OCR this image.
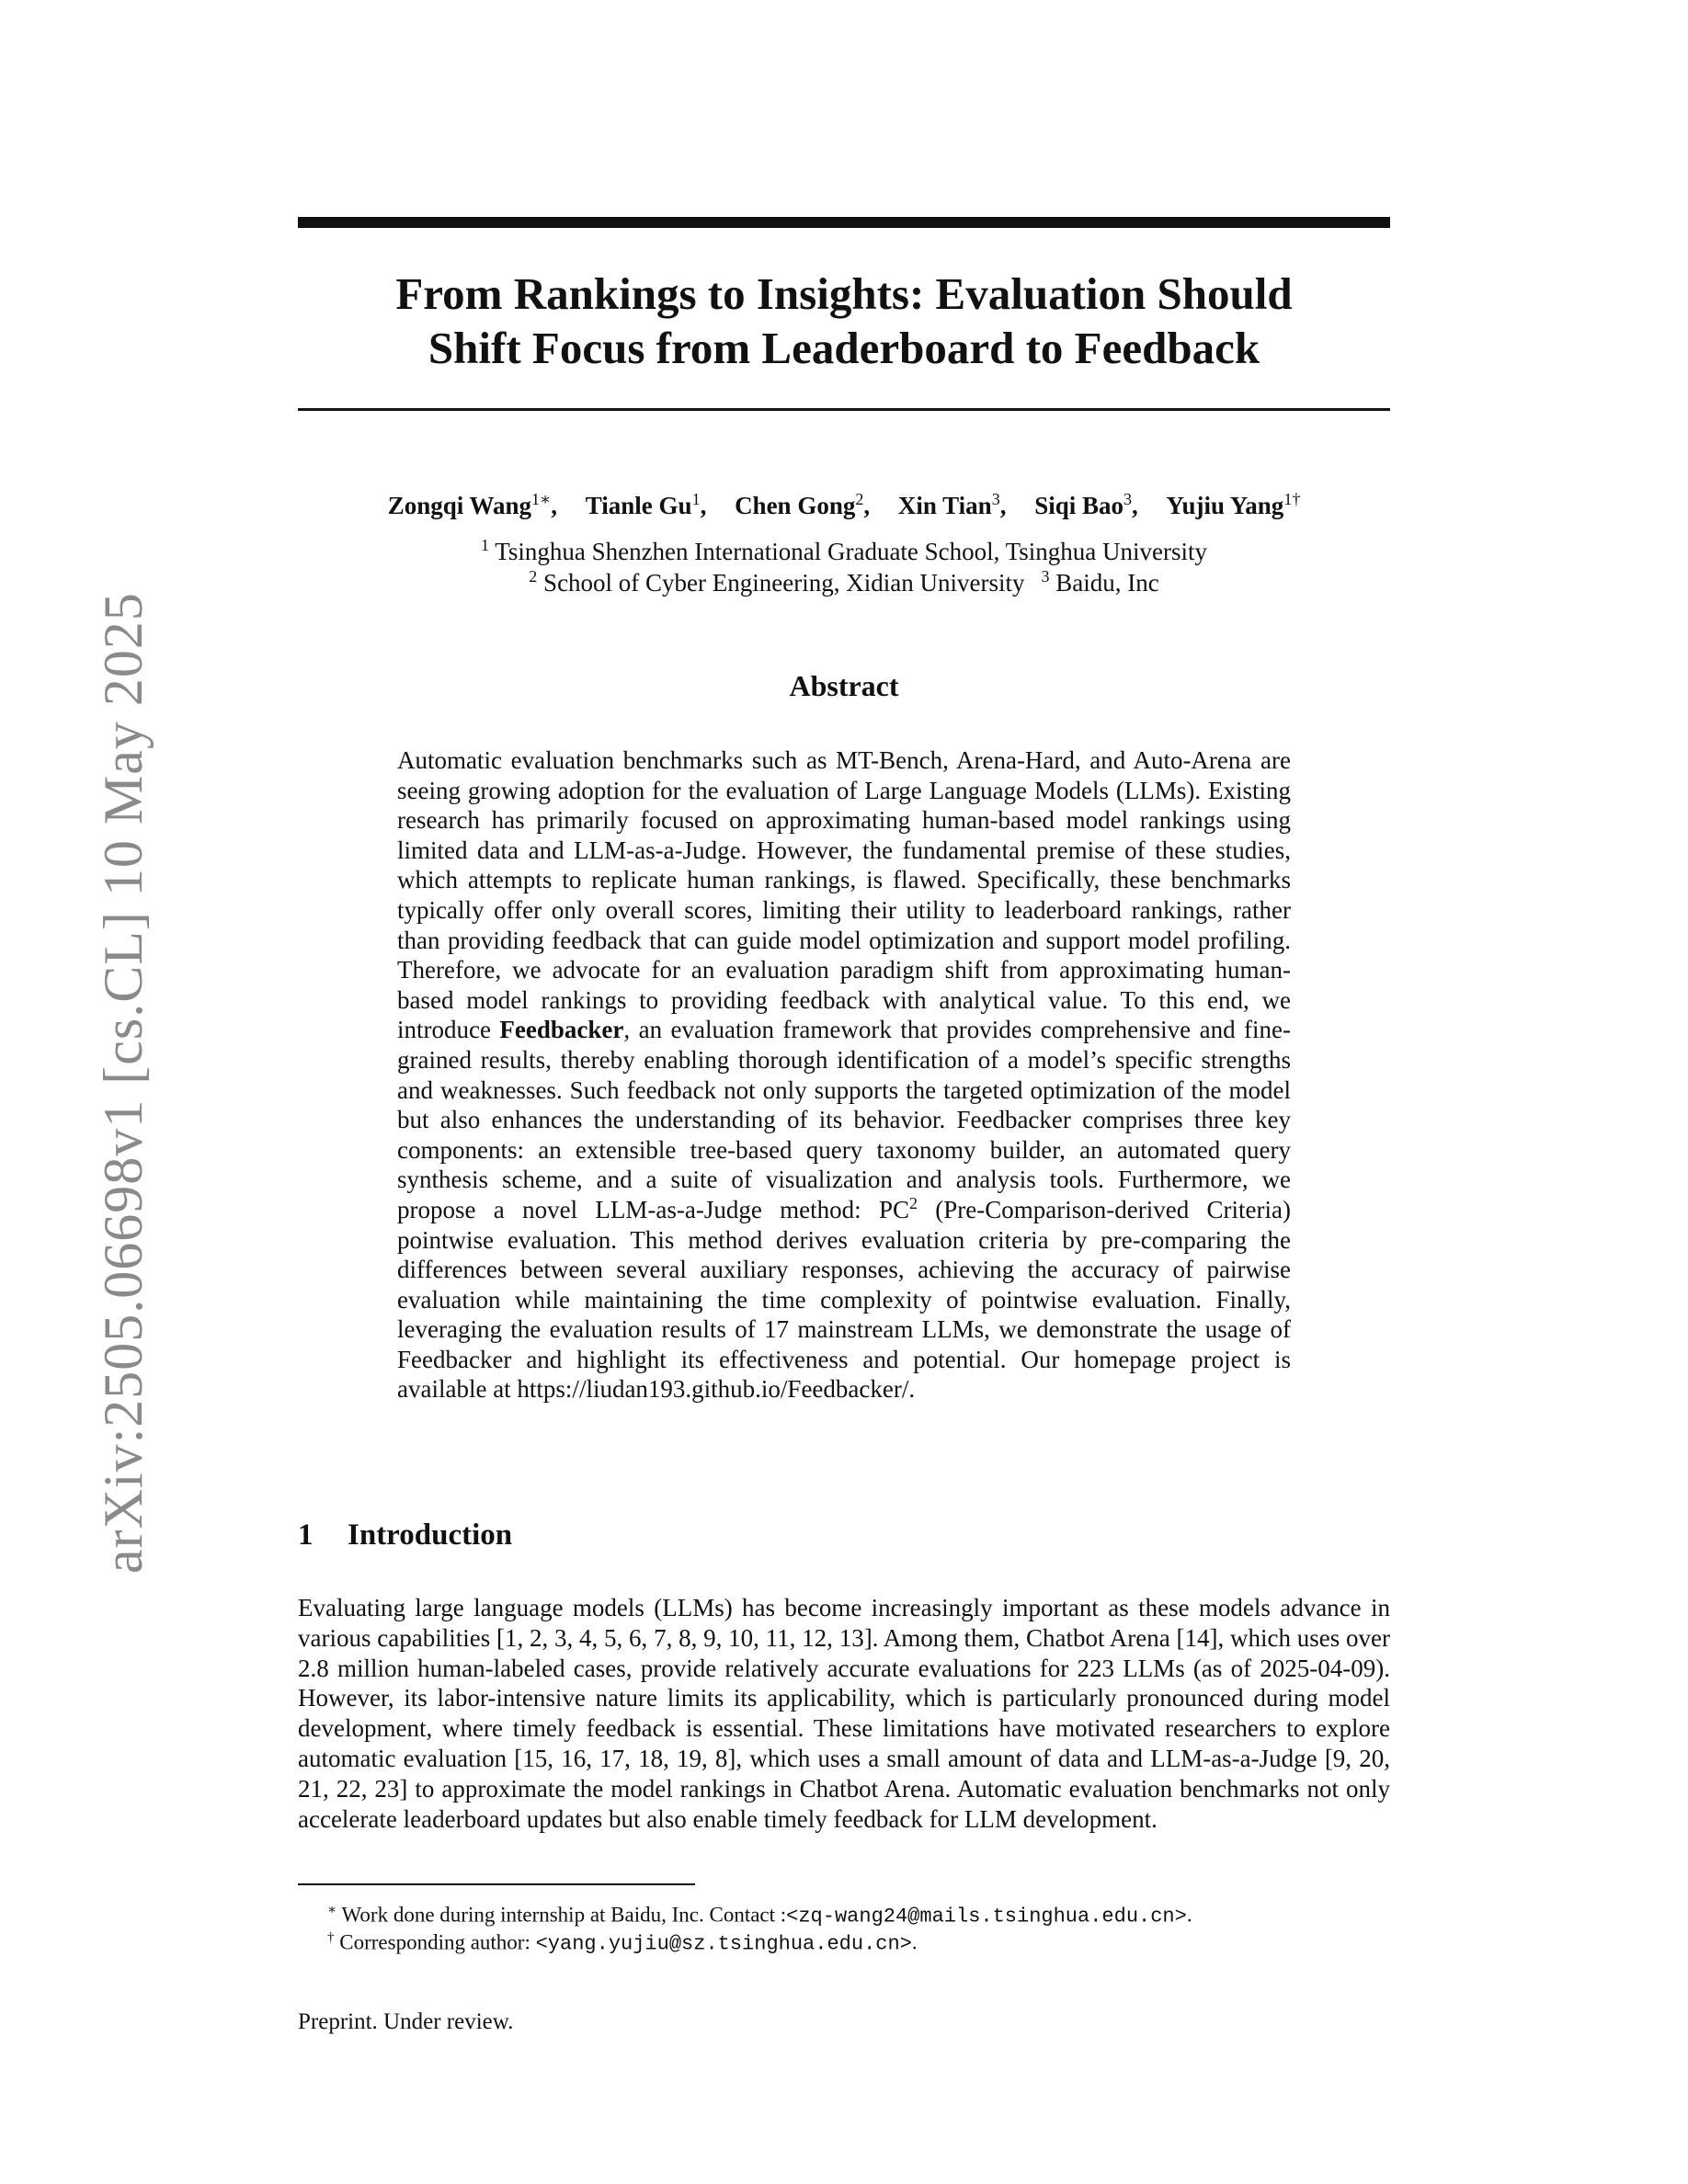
arXiv:2505.06698v1 [cs.CL] 10 May 2025
From Rankings to Insights: Evaluation Should
Shift Focus from Leaderboard to Feedback
Zongqi Wang$^{1∗}$, Tianle Gu$^1$, Chen Gong$^2$, Xin Tian$^3$, Siqi Bao$^3$, Yujiu Yang$^{1\dagger}$
$^1$ Tsinghua Shenzhen International Graduate School, Tsinghua University
$^2$ School of Cyber Engineering, Xidian University $^3$ Baidu, Inc
Abstract

Automatic evaluation benchmarks such as MT-Bench, Arena-Hard, and Auto-Arena are seeing growing adoption for the evaluation of Large Language Models (LLMs). Existing research has primarily focused on approximating human-based model rankings using limited data and LLM-as-a-Judge. However, the fundamental premise of these studies, which attempts to replicate human rankings, is flawed. Specifically, these benchmarks typically offer only overall scores, limiting their utility to leaderboard rankings, rather than providing feedback that can guide model optimization and support model profiling. Therefore, we advocate for an evaluation paradigm shift from approximating human-based model rankings to providing feedback with analytical value. To this end, we introduce Feedbacker, an evaluation framework that provides comprehensive and fine-grained results, thereby enabling thorough identification of a model’s specific strengths and weaknesses. Such feedback not only supports the targeted optimization of the model but also enhances the understanding of its behavior. Feedbacker comprises three key components: an extensible tree-based query taxonomy builder, an automated query synthesis scheme, and a suite of visualization and analysis tools. Furthermore, we propose a novel LLM-as-a-Judge method: $PC^2$ (Pre-Comparison-derived Criteria) pointwise evaluation. This method derives evaluation criteria by pre-comparing the differences between several auxiliary responses, achieving the accuracy of pairwise evaluation while maintaining the time complexity of pointwise evaluation. Finally, leveraging the evaluation results of 17 mainstream LLMs, we demonstrate the usage of Feedbacker and highlight its effectiveness and potential. Our homepage project is available at https://liudan193.github.io/Feedbacker/.

1 Introduction

Evaluating large language models (LLMs) has become increasingly important as these models advance in various capabilities [1, 2, 3, 4, 5, 6, 7, 8, 9, 10, 11, 12, 13]. Among them, Chatbot Arena [14], which uses over 2.8 million human-labeled cases, provide relatively accurate evaluations for 223 LLMs (as of 2025-04-09). However, its labor-intensive nature limits its applicability, which is particularly pronounced during model development, where timely feedback is essential. These limitations have motivated researchers to explore automatic evaluation [15, 16, 17, 18, 19, 8], which uses a small amount of data and LLM-as-a-Judge [9, 20, 21, 22, 23] to approximate the model rankings in Chatbot Arena. Automatic evaluation benchmarks not only accelerate leaderboard updates but also enable timely feedback for LLM development.

∗ Work done during internship at Baidu, Inc. Contact :<zq-wang24@mails.tsinghua.edu.cn>.
† Corresponding author: <yang.yujiu@sz.tsinghua.edu.cn>.
Preprint. Under review.
